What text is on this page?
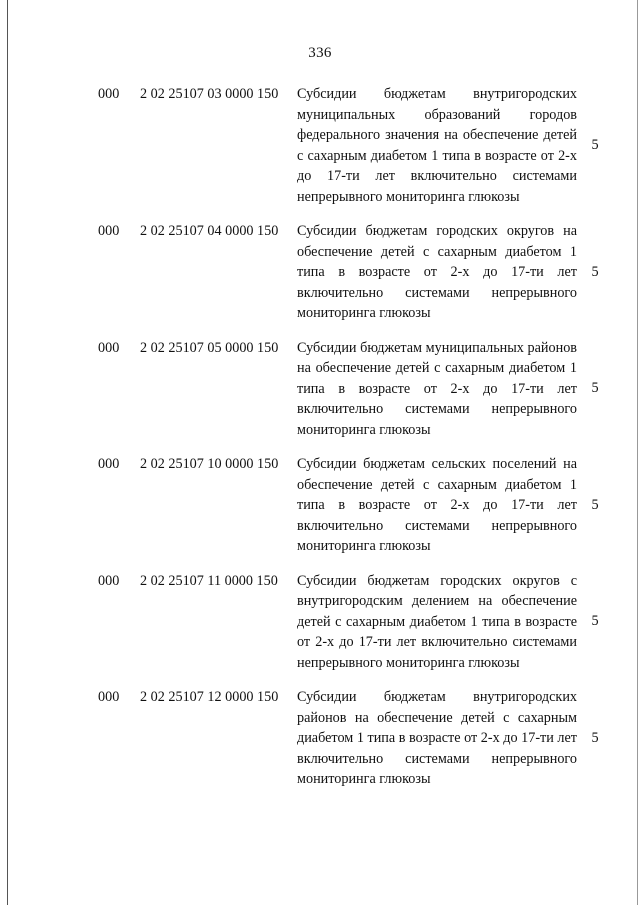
336
000 2 02 25107 03 0000 150 Субсидии бюджетам внутригородских муниципальных образований городов федерального значения на обеспечение детей с сахарным диабетом 1 типа в возрасте от 2-х до 17-ти лет включительно системами непрерывного мониторинга глюкозы
5
000 2 02 25107 04 0000 150 Субсидии бюджетам городских округов на обеспечение детей с сахарным диабетом 1 типа в возрасте от 2-х до 17-ти лет включительно системами непрерывного мониторинга глюкозы
5
000 2 02 25107 05 0000 150 Субсидии бюджетам муниципальных районов на обеспечение детей с сахарным диабетом 1 типа в возрасте от 2-х до 17-ти лет включительно системами непрерывного мониторинга глюкозы
5
000 2 02 25107 10 0000 150 Субсидии бюджетам сельских поселений на обеспечение детей с сахарным диабетом 1 типа в возрасте от 2-х до 17-ти лет включительно системами непрерывного мониторинга глюкозы
5
000 2 02 25107 11 0000 150 Субсидии бюджетам городских округов с внутригородским делением на обеспечение детей с сахарным диабетом 1 типа в возрасте от 2-х до 17-ти лет включительно системами непрерывного мониторинга глюкозы
5
000 2 02 25107 12 0000 150 Субсидии бюджетам внутригородских районов на обеспечение детей с сахарным диабетом 1 типа в возрасте от 2-х до 17-ти лет включительно системами непрерывного мониторинга глюкозы
5
